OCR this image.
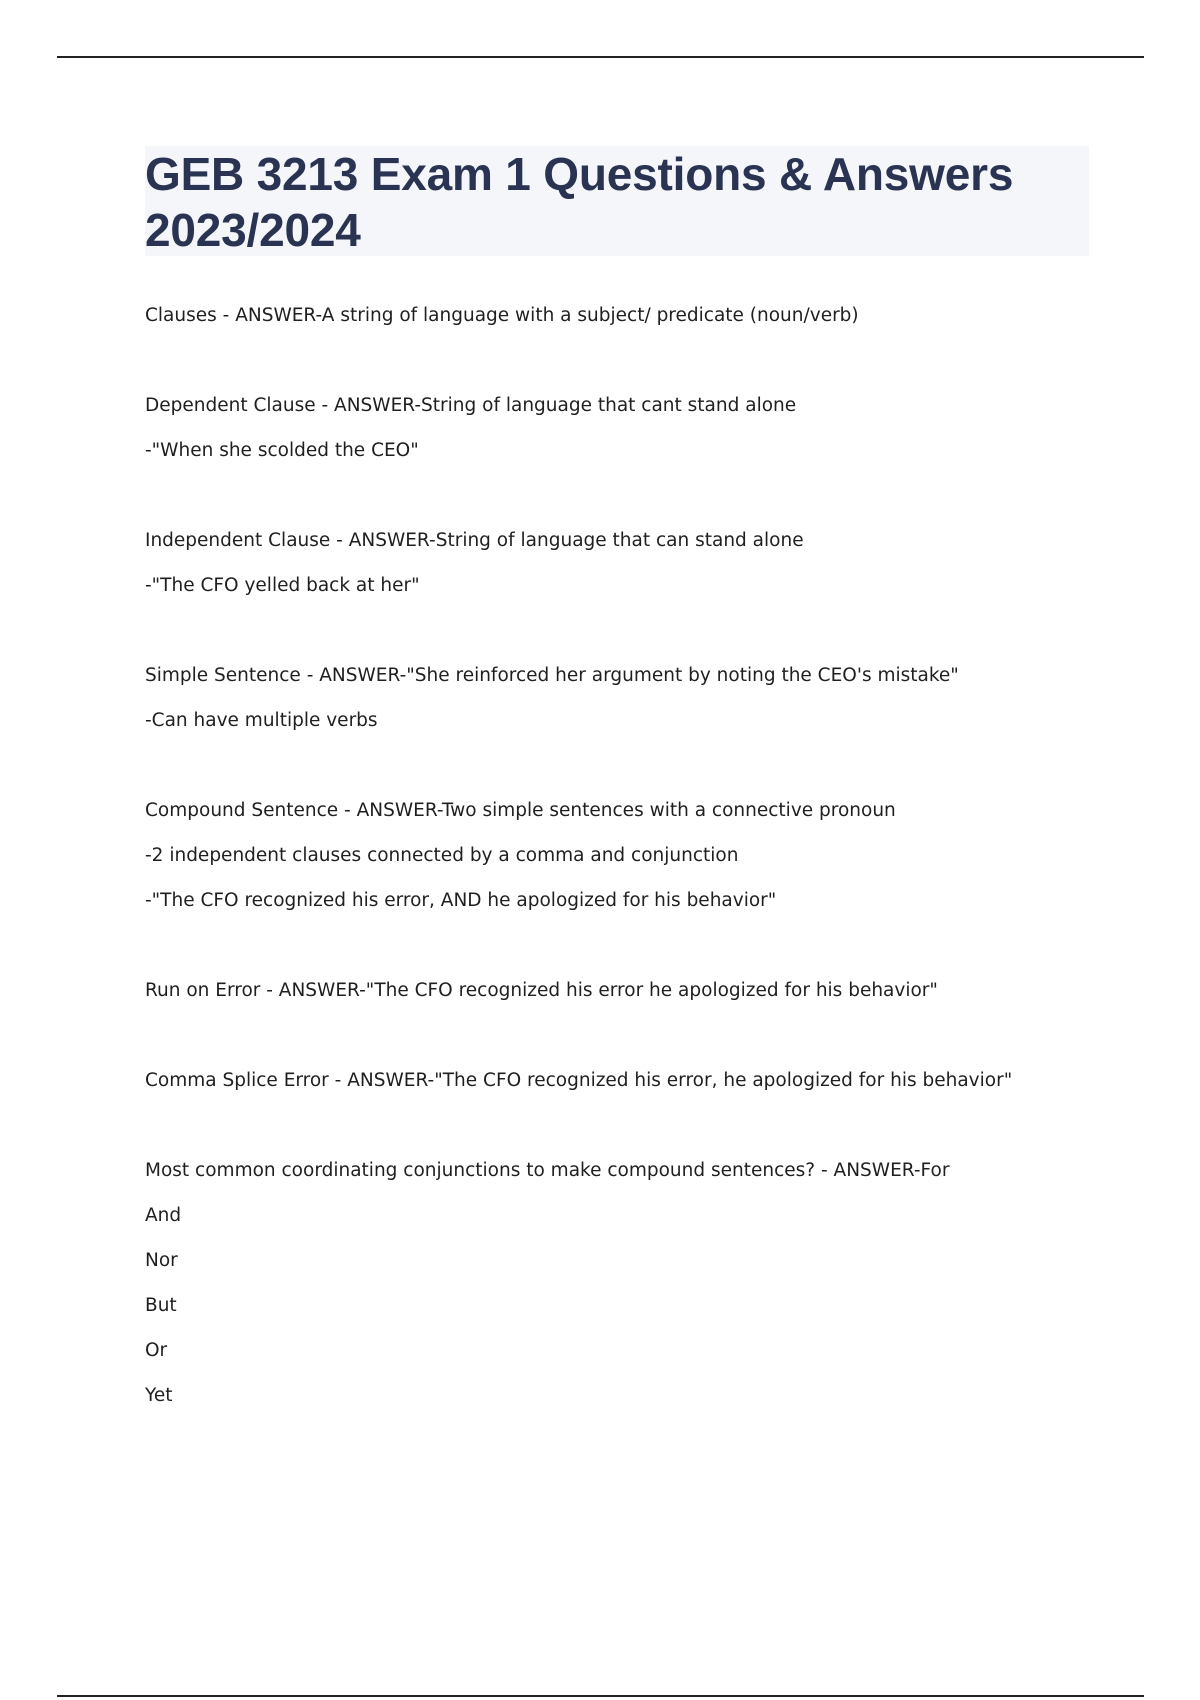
GEB 3213 Exam 1 Questions & Answers
2023/2024
Clauses - ANSWER-A string of language with a subject/ predicate (noun/verb)
Dependent Clause - ANSWER-String of language that cant stand alone
-"When she scolded the CEO"
Independent Clause - ANSWER-String of language that can stand alone
-"The CFO yelled back at her"
Simple Sentence - ANSWER-"She reinforced her argument by noting the CEO's mistake"
-Can have multiple verbs
Compound Sentence - ANSWER-Two simple sentences with a connective pronoun
-2 independent clauses connected by a comma and conjunction
-"The CFO recognized his error, AND he apologized for his behavior"
Run on Error - ANSWER-"The CFO recognized his error he apologized for his behavior"
Comma Splice Error - ANSWER-"The CFO recognized his error, he apologized for his behavior"
Most common coordinating conjunctions to make compound sentences? - ANSWER-For
And
Nor
But
Or
Yet
